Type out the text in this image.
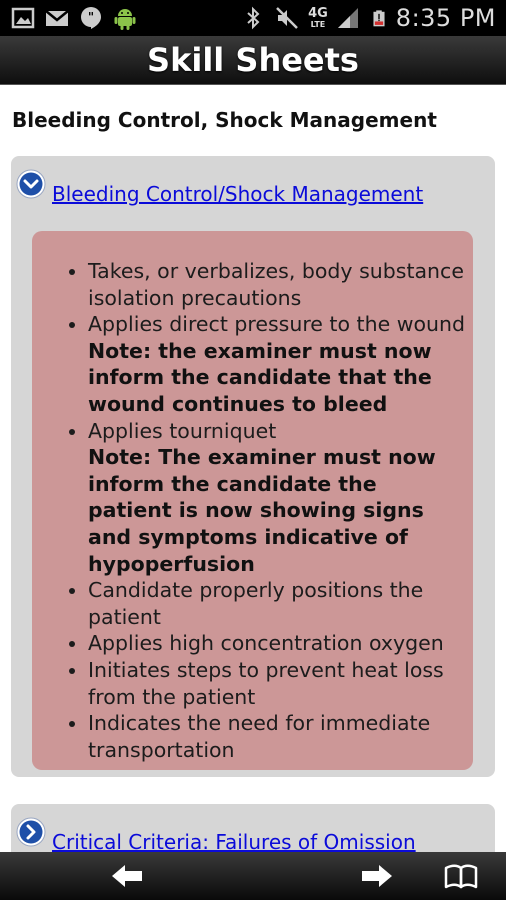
"	4G
LTE	8:35 PM
Skill Sheets
Bleeding Control, Shock Management
Bleeding Control/Shock Management
• Takes, or verbalizes, body substance isolation precautions
• Applies direct pressure to the wound
Note: the examiner must now inform the candidate that the wound continues to bleed
• Applies tourniquet
Note: The examiner must now inform the candidate the patient is now showing signs and symptoms indicative of hypoperfusion
• Candidate properly positions the patient
• Applies high concentration oxygen
• Initiates steps to prevent heat loss from the patient
• Indicates the need for immediate transportation
Critical Criteria: Failures of Omission
